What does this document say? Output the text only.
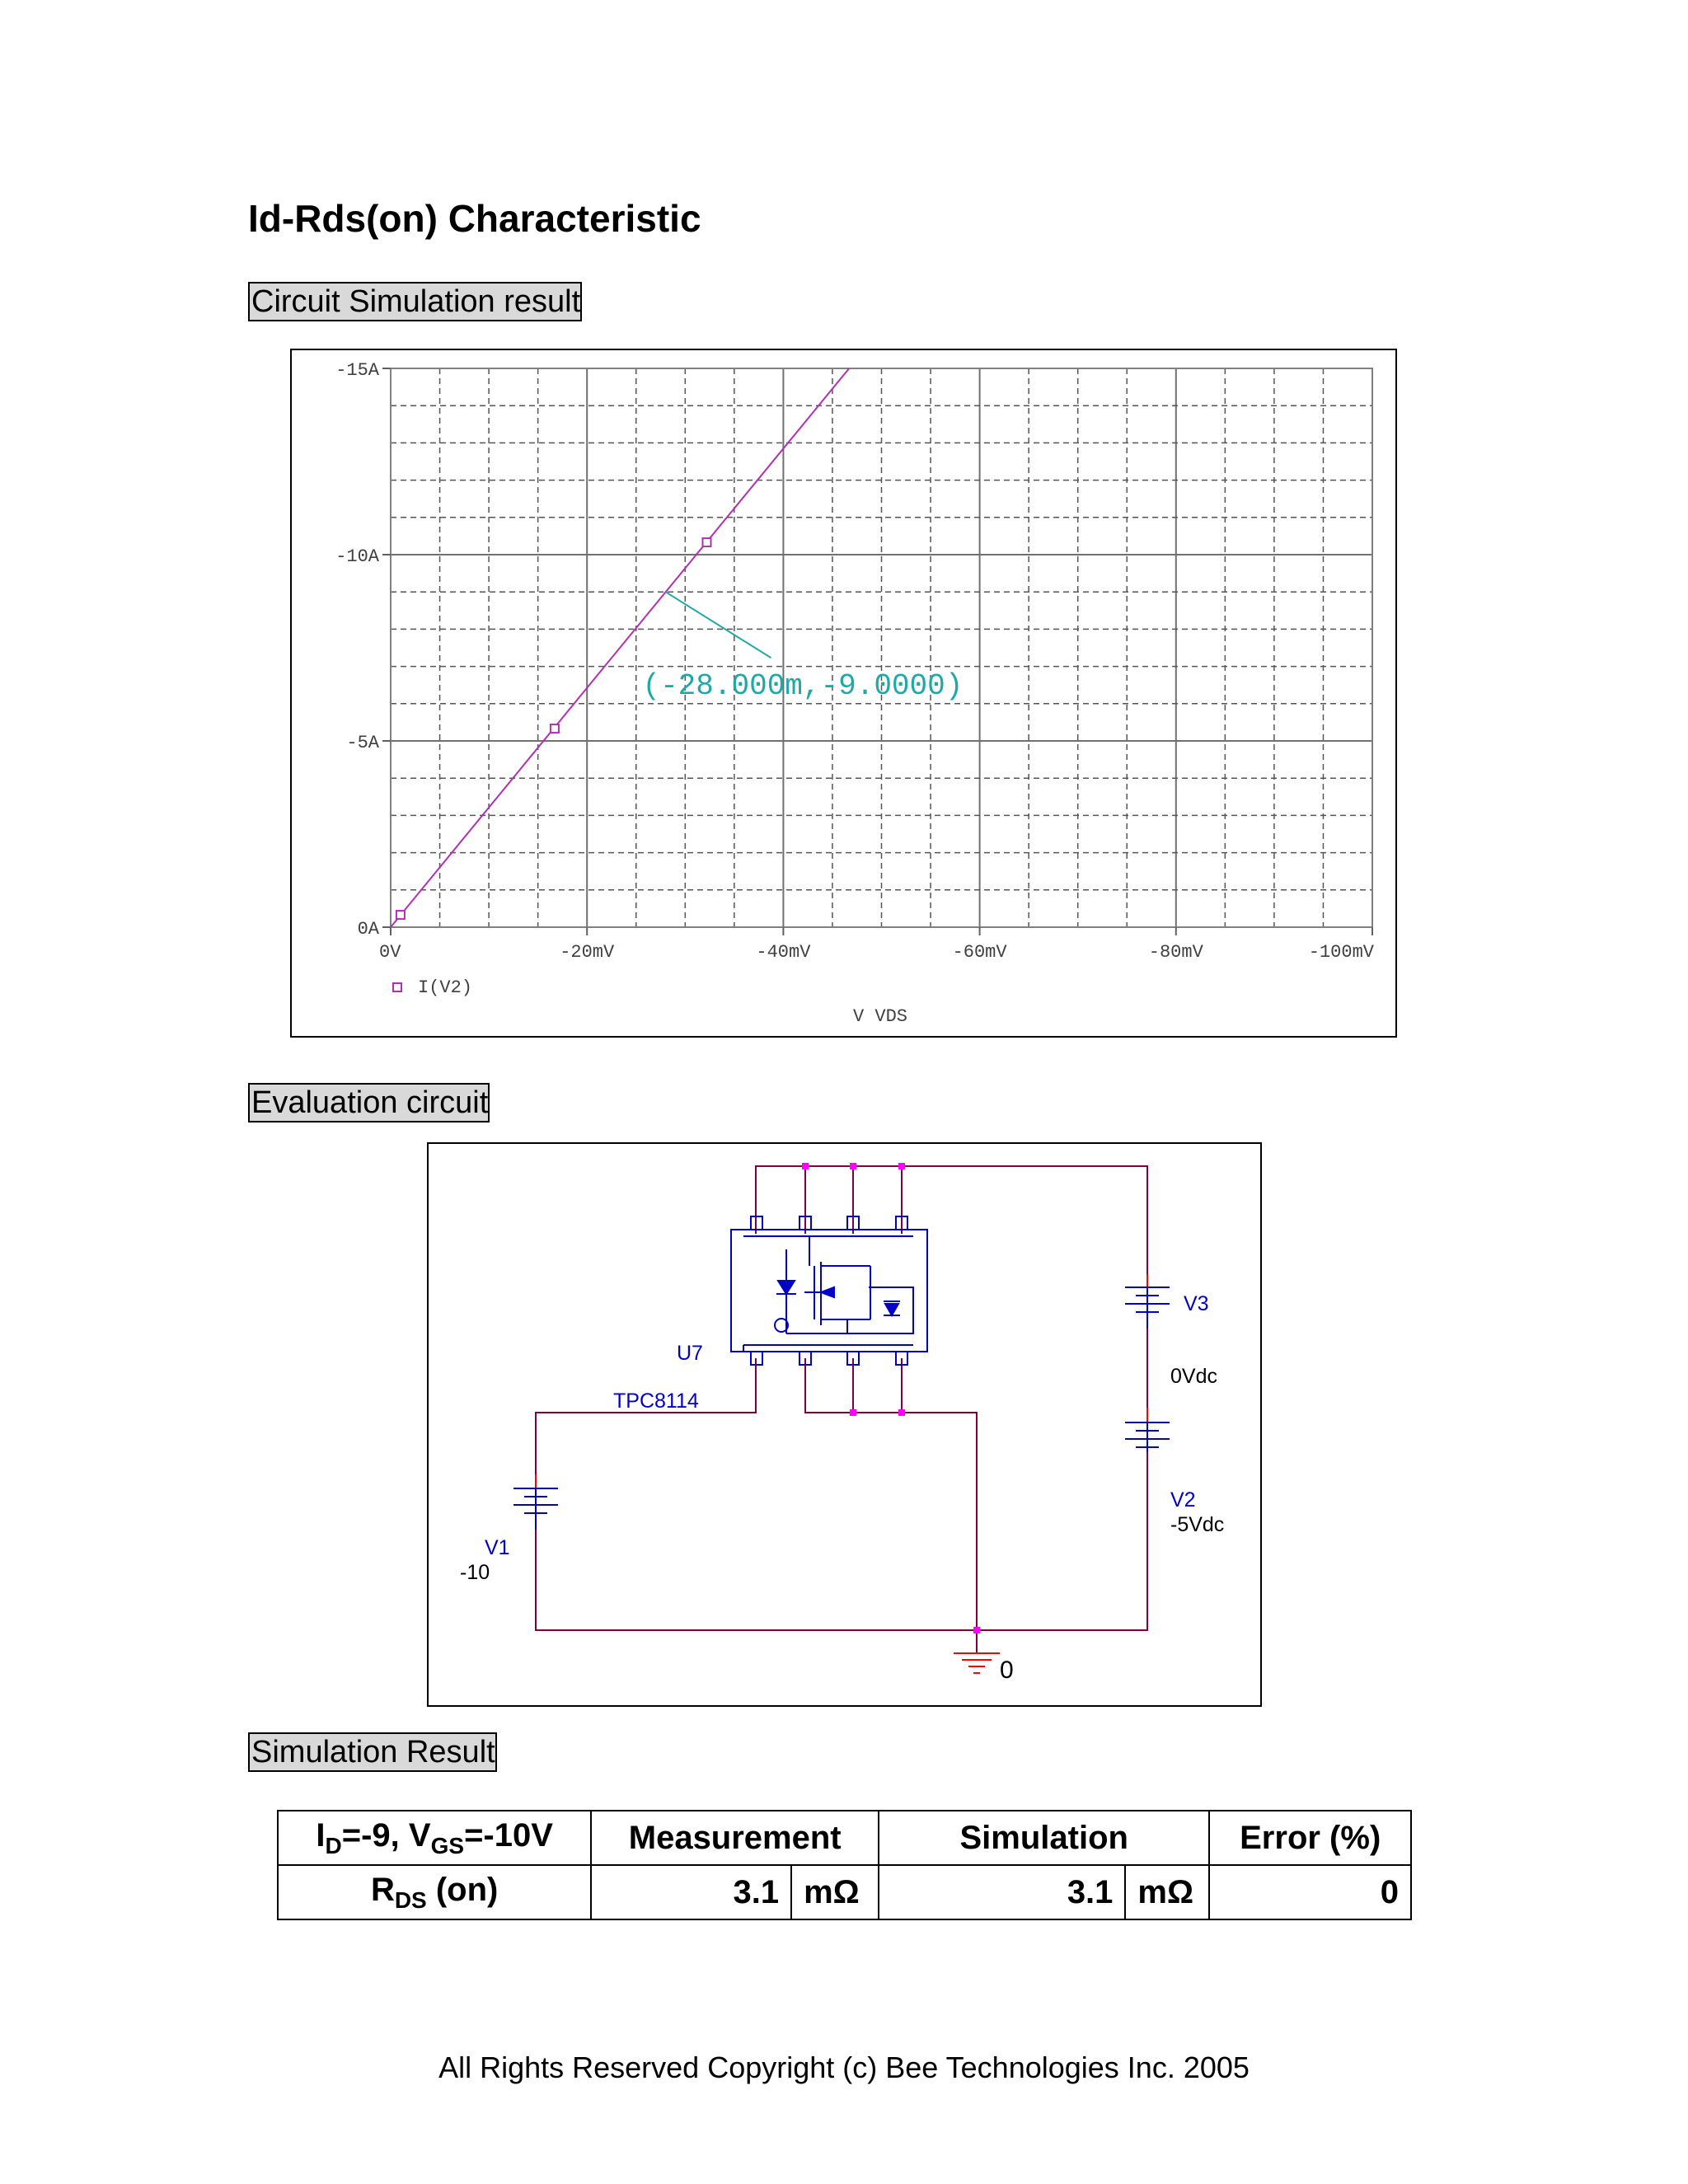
Id-Rds(on) Characteristic
Circuit Simulation result
0V	-20mV	-40mV	-60mV	-80mV	-100mV
0A
-5A
-10A
-15A
(-28.000m,-9.0000)
I(V2)
V VDS
Evaluation circuit
U7
TPC8114
V3
0Vdc
V2
-5Vdc
V1
-10
0
Simulation Result
$I_D=-9$, $V_{GS}=-10V$	Measurement		Simulation		Error (%)
$R_{DS}$ (on)	3.1	mΩ	3.1	mΩ	0
All Rights Reserved Copyright (c) Bee Technologies Inc. 2005
